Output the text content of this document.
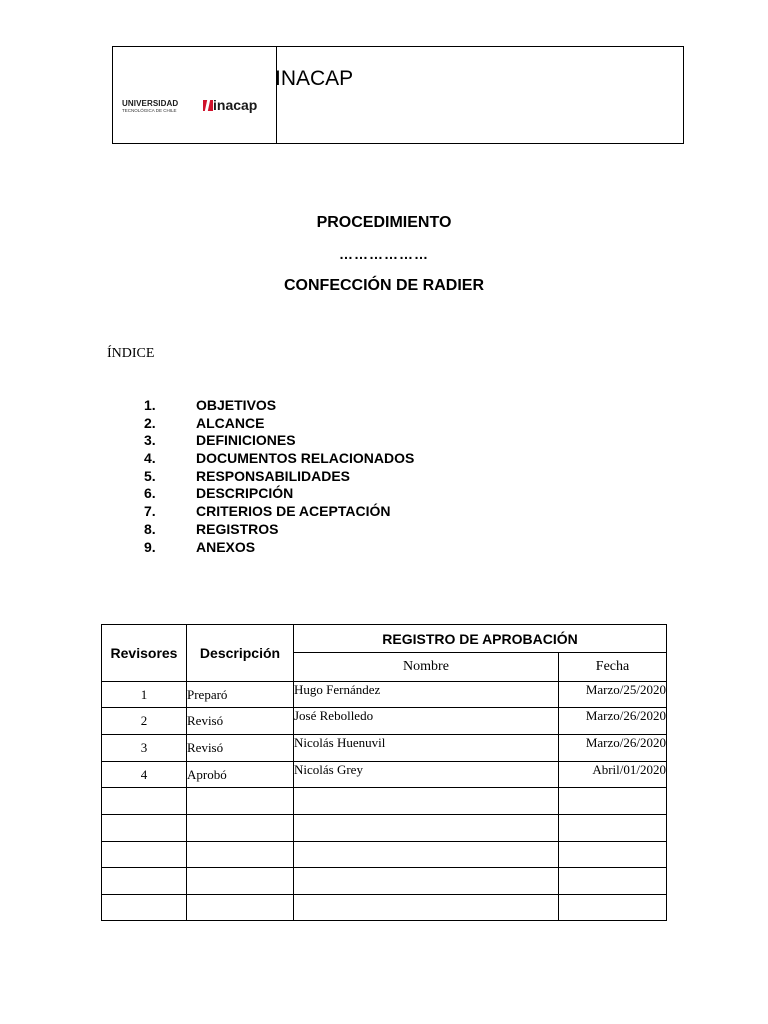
UNIVERSIDAD
TECNOLÓGICA DE CHILE	inacap
INACAP
PROCEDIMIENTO
………………
CONFECCIÓN DE RADIER
ÍNDICE
1.	OBJETIVOS
2.	ALCANCE
3.	DEFINICIONES
4.	DOCUMENTOS RELACIONADOS
5.	RESPONSABILIDADES
6.	DESCRIPCIÓN
7.	CRITERIOS DE ACEPTACIÓN
8.	REGISTROS
9.	ANEXOS
Revisores	Descripción	REGISTRO DE APROBACIÓN	
		Nombre	Fecha
1	Preparó	Hugo Fernández	Marzo/25/2020
2	Revisó	José Rebolledo	Marzo/26/2020
3	Revisó	Nicolás Huenuvil	Marzo/26/2020
4	Aprobó	Nicolás Grey	Abril/01/2020
